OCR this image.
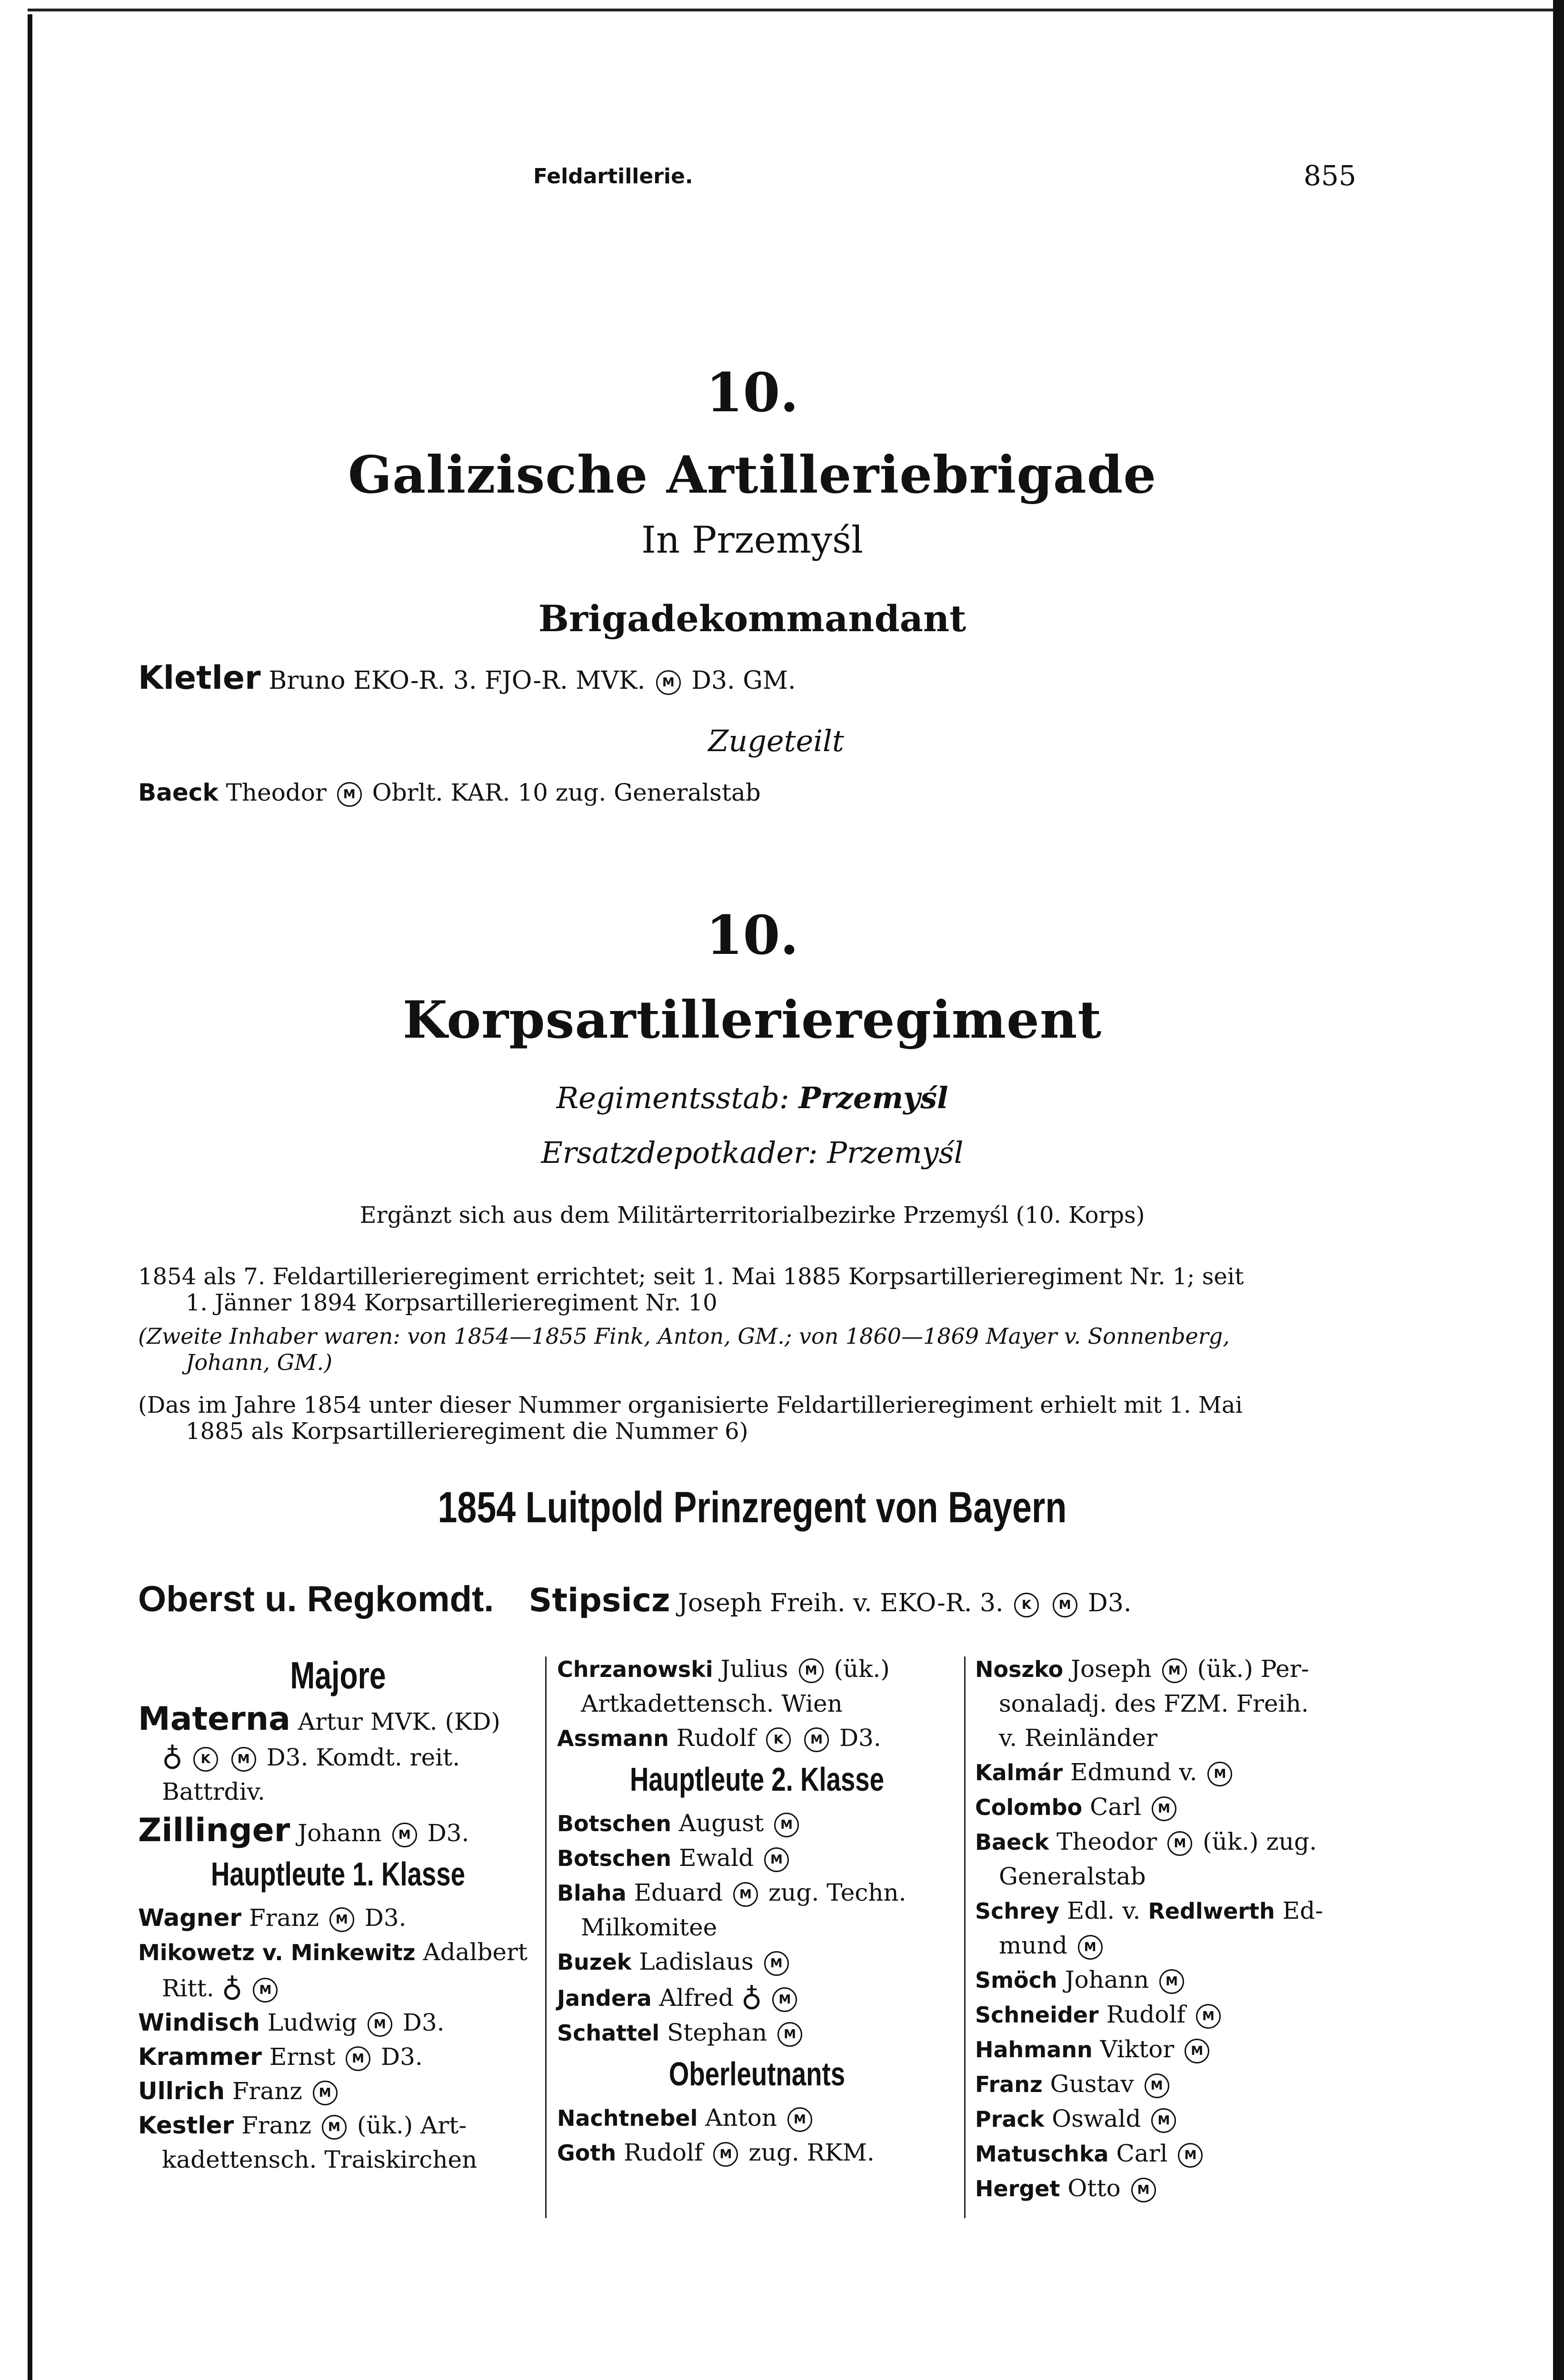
Feldartillerie.	855
10.
Galizische Artilleriebrigade
In Przemyśl
Brigadekommandant
Kletler Bruno EKO-R. 3. FJO-R. MVK. M D3. GM.
Zugeteilt
Baeck Theodor M Obrlt. KAR. 10 zug. Generalstab
10.
Korpsartillerieregiment
Regimentsstab: Przemyśl
Ersatzdepotkader: Przemyśl
Ergänzt sich aus dem Militärterritorialbezirke Przemyśl (10. Korps)
1854 als 7. Feldartillerieregiment errichtet; seit 1. Mai 1885 Korpsartillerieregiment Nr. 1; seit
1. Jänner 1894 Korpsartillerieregiment Nr. 10
(Zweite Inhaber waren: von 1854—1855 Fink, Anton, GM.; von 1860—1869 Mayer v. Sonnenberg,
Johann, GM.)
(Das im Jahre 1854 unter dieser Nummer organisierte Feldartillerieregiment erhielt mit 1. Mai
1885 als Korpsartillerieregiment die Nummer 6)
1854 Luitpold Prinzregent von Bayern
Oberst u. Regkomdt. Stipsicz Joseph Freih. v. EKO-R. 3. K M D3.
Majore
Materna Artur MVK. (KD)
♁ K M D3. Komdt. reit.
Battrdiv.
Zillinger Johann M D3.
Hauptleute 1. Klasse
Wagner Franz M D3.
Mikowetz v. Minkewitz Adalbert
Ritt. ♁ M
Windisch Ludwig M D3.
Krammer Ernst M D3.
Ullrich Franz M
Kestler Franz M (ük.) Art-
kadettensch. Traiskirchen
Chrzanowski Julius M (ük.)
Artkadettensch. Wien
Assmann Rudolf K M D3.
Hauptleute 2. Klasse
Botschen August M
Botschen Ewald M
Blaha Eduard M zug. Techn.
Milkomitee
Buzek Ladislaus M
Jandera Alfred ♁ M
Schattel Stephan M
Oberleutnants
Nachtnebel Anton M
Goth Rudolf M zug. RKM.
Noszko Joseph M (ük.) Per-
sonaladj. des FZM. Freih.
v. Reinländer
Kalmár Edmund v. M
Colombo Carl M
Baeck Theodor M (ük.) zug.
Generalstab
Schrey Edl. v. Redlwerth Ed-
mund M
Smöch Johann M
Schneider Rudolf M
Hahmann Viktor M
Franz Gustav M
Prack Oswald M
Matuschka Carl M
Herget Otto M
